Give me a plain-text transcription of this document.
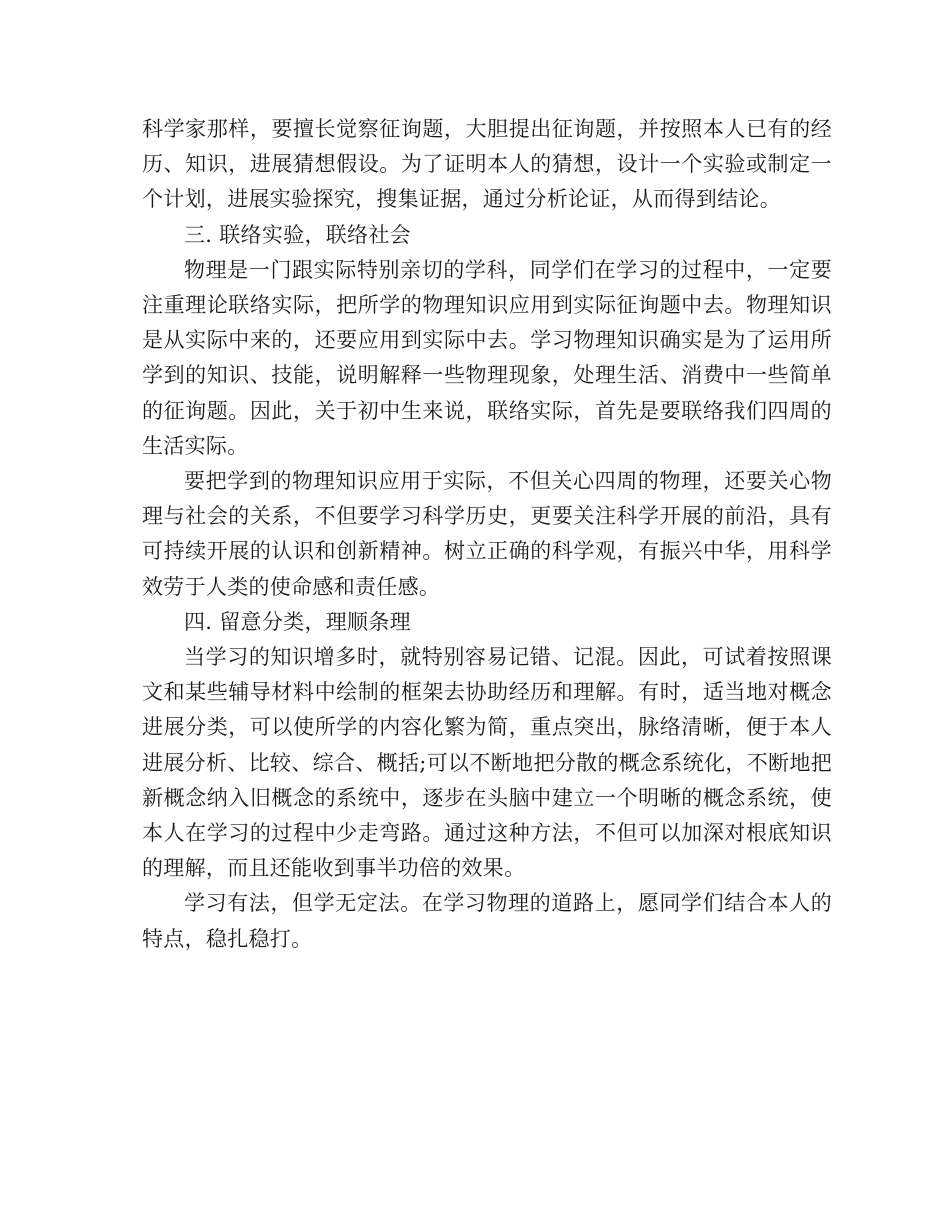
科学家那样，要擅长觉察征询题，大胆提出征询题，并按照本人已有的经历、知识，进展猜想假设。为了证明本人的猜想，设计一个实验或制定一个计划，进展实验探究，搜集证据，通过分析论证，从而得到结论。

三. 联络实验，联络社会

物理是一门跟实际特别亲切的学科，同学们在学习的过程中，一定要注重理论联络实际，把所学的物理知识应用到实际征询题中去。物理知识是从实际中来的，还要应用到实际中去。学习物理知识确实是为了运用所学到的知识、技能，说明解释一些物理现象，处理生活、消费中一些简单的征询题。因此，关于初中生来说，联络实际，首先是要联络我们四周的生活实际。

要把学到的物理知识应用于实际，不但关心四周的物理，还要关心物理与社会的关系，不但要学习科学历史，更要关注科学开展的前沿，具有可持续开展的认识和创新精神。树立正确的科学观，有振兴中华，用科学效劳于人类的使命感和责任感。

四. 留意分类，理顺条理

当学习的知识增多时，就特别容易记错、记混。因此，可试着按照课文和某些辅导材料中绘制的框架去协助经历和理解。有时，适当地对概念进展分类，可以使所学的内容化繁为简，重点突出，脉络清晰，便于本人进展分析、比较、综合、概括;可以不断地把分散的概念系统化，不断地把新概念纳入旧概念的系统中，逐步在头脑中建立一个明晰的概念系统，使本人在学习的过程中少走弯路。通过这种方法，不但可以加深对根底知识的理解，而且还能收到事半功倍的效果。

学习有法，但学无定法。在学习物理的道路上，愿同学们结合本人的特点，稳扎稳打。
